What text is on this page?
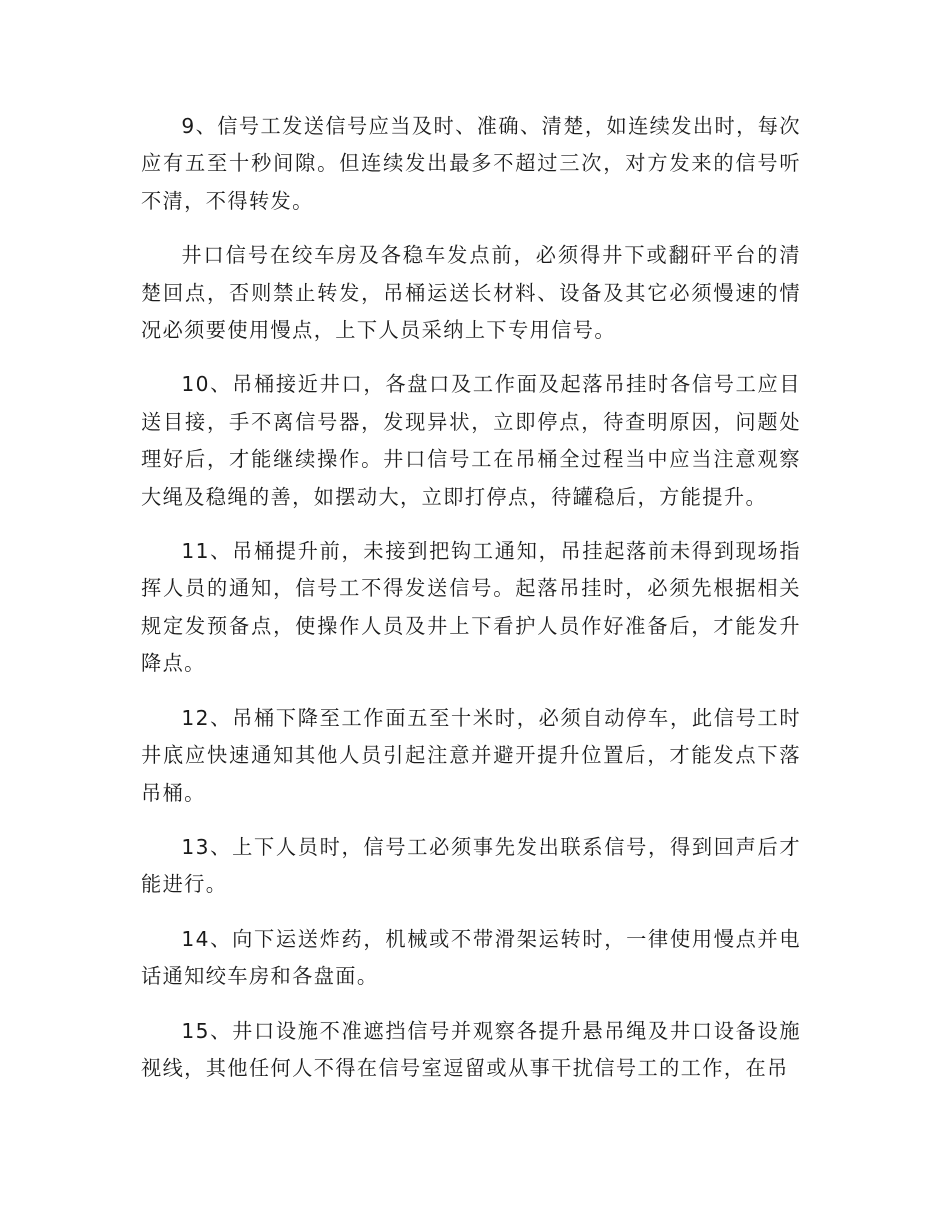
9、信号工发送信号应当及时、准确、清楚，如连续发出时，每次应有五至十秒间隙。但连续发出最多不超过三次，对方发来的信号听不清，不得转发。

井口信号在绞车房及各稳车发点前，必须得井下或翻矸平台的清楚回点，否则禁止转发，吊桶运送长材料、设备及其它必须慢速的情况必须要使用慢点，上下人员采纳上下专用信号。

10、吊桶接近井口，各盘口及工作面及起落吊挂时各信号工应目送目接，手不离信号器，发现异状，立即停点，待查明原因，问题处理好后，才能继续操作。井口信号工在吊桶全过程当中应当注意观察大绳及稳绳的善，如摆动大，立即打停点，待罐稳后，方能提升。

11、吊桶提升前，未接到把钩工通知，吊挂起落前未得到现场指挥人员的通知，信号工不得发送信号。起落吊挂时，必须先根据相关规定发预备点，使操作人员及井上下看护人员作好准备后，才能发升降点。

12、吊桶下降至工作面五至十米时，必须自动停车，此信号工时井底应快速通知其他人员引起注意并避开提升位置后，才能发点下落吊桶。

13、上下人员时，信号工必须事先发出联系信号，得到回声后才能进行。

14、向下运送炸药，机械或不带滑架运转时，一律使用慢点并电话通知绞车房和各盘面。

15、井口设施不准遮挡信号并观察各提升悬吊绳及井口设备设施视线，其他任何人不得在信号室逗留或从事干扰信号工的工作，在吊
